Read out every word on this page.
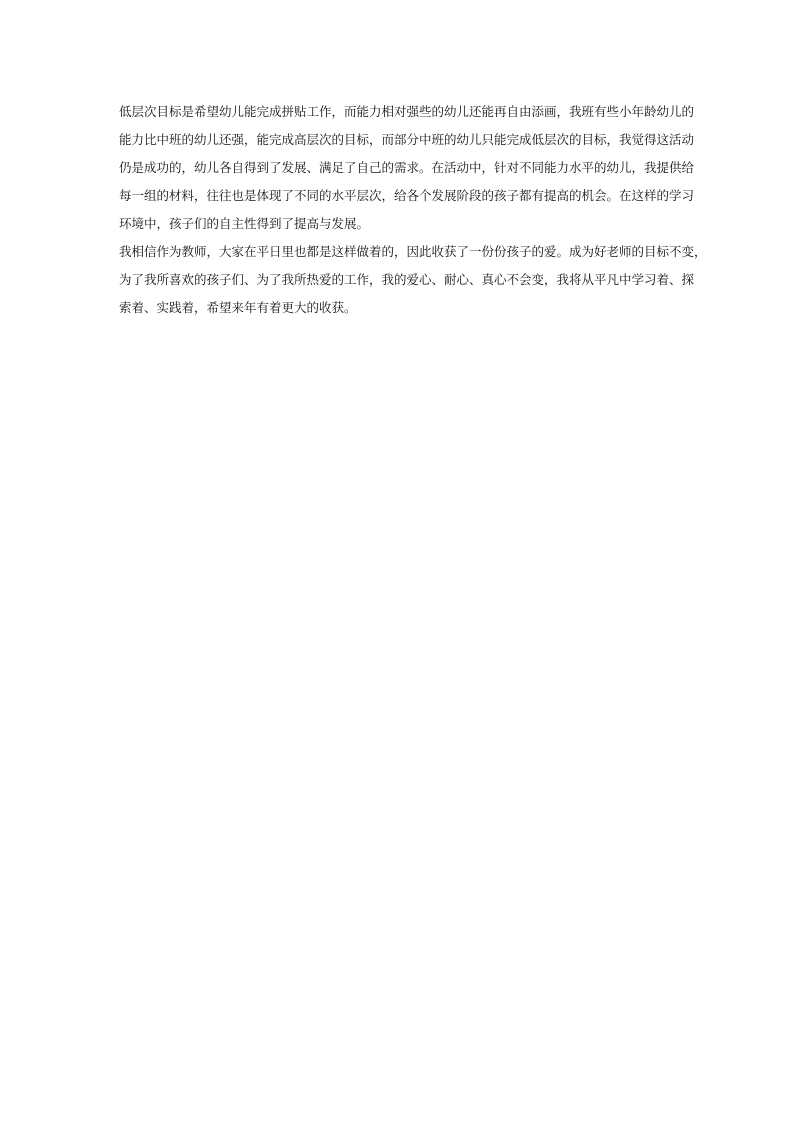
低层次目标是希望幼儿能完成拼贴工作，而能力相对强些的幼儿还能再自由添画，我班有些小年龄幼儿的
能力比中班的幼儿还强，能完成高层次的目标，而部分中班的幼儿只能完成低层次的目标，我觉得这活动
仍是成功的，幼儿各自得到了发展、满足了自己的需求。在活动中，针对不同能力水平的幼儿，我提供给
每一组的材料，往往也是体现了不同的水平层次，给各个发展阶段的孩子都有提高的机会。在这样的学习
环境中，孩子们的自主性得到了提高与发展。
我相信作为教师，大家在平日里也都是这样做着的，因此收获了一份份孩子的爱。成为好老师的目标不变，
为了我所喜欢的孩子们、为了我所热爱的工作，我的爱心、耐心、真心不会变，我将从平凡中学习着、探
索着、实践着，希望来年有着更大的收获。
